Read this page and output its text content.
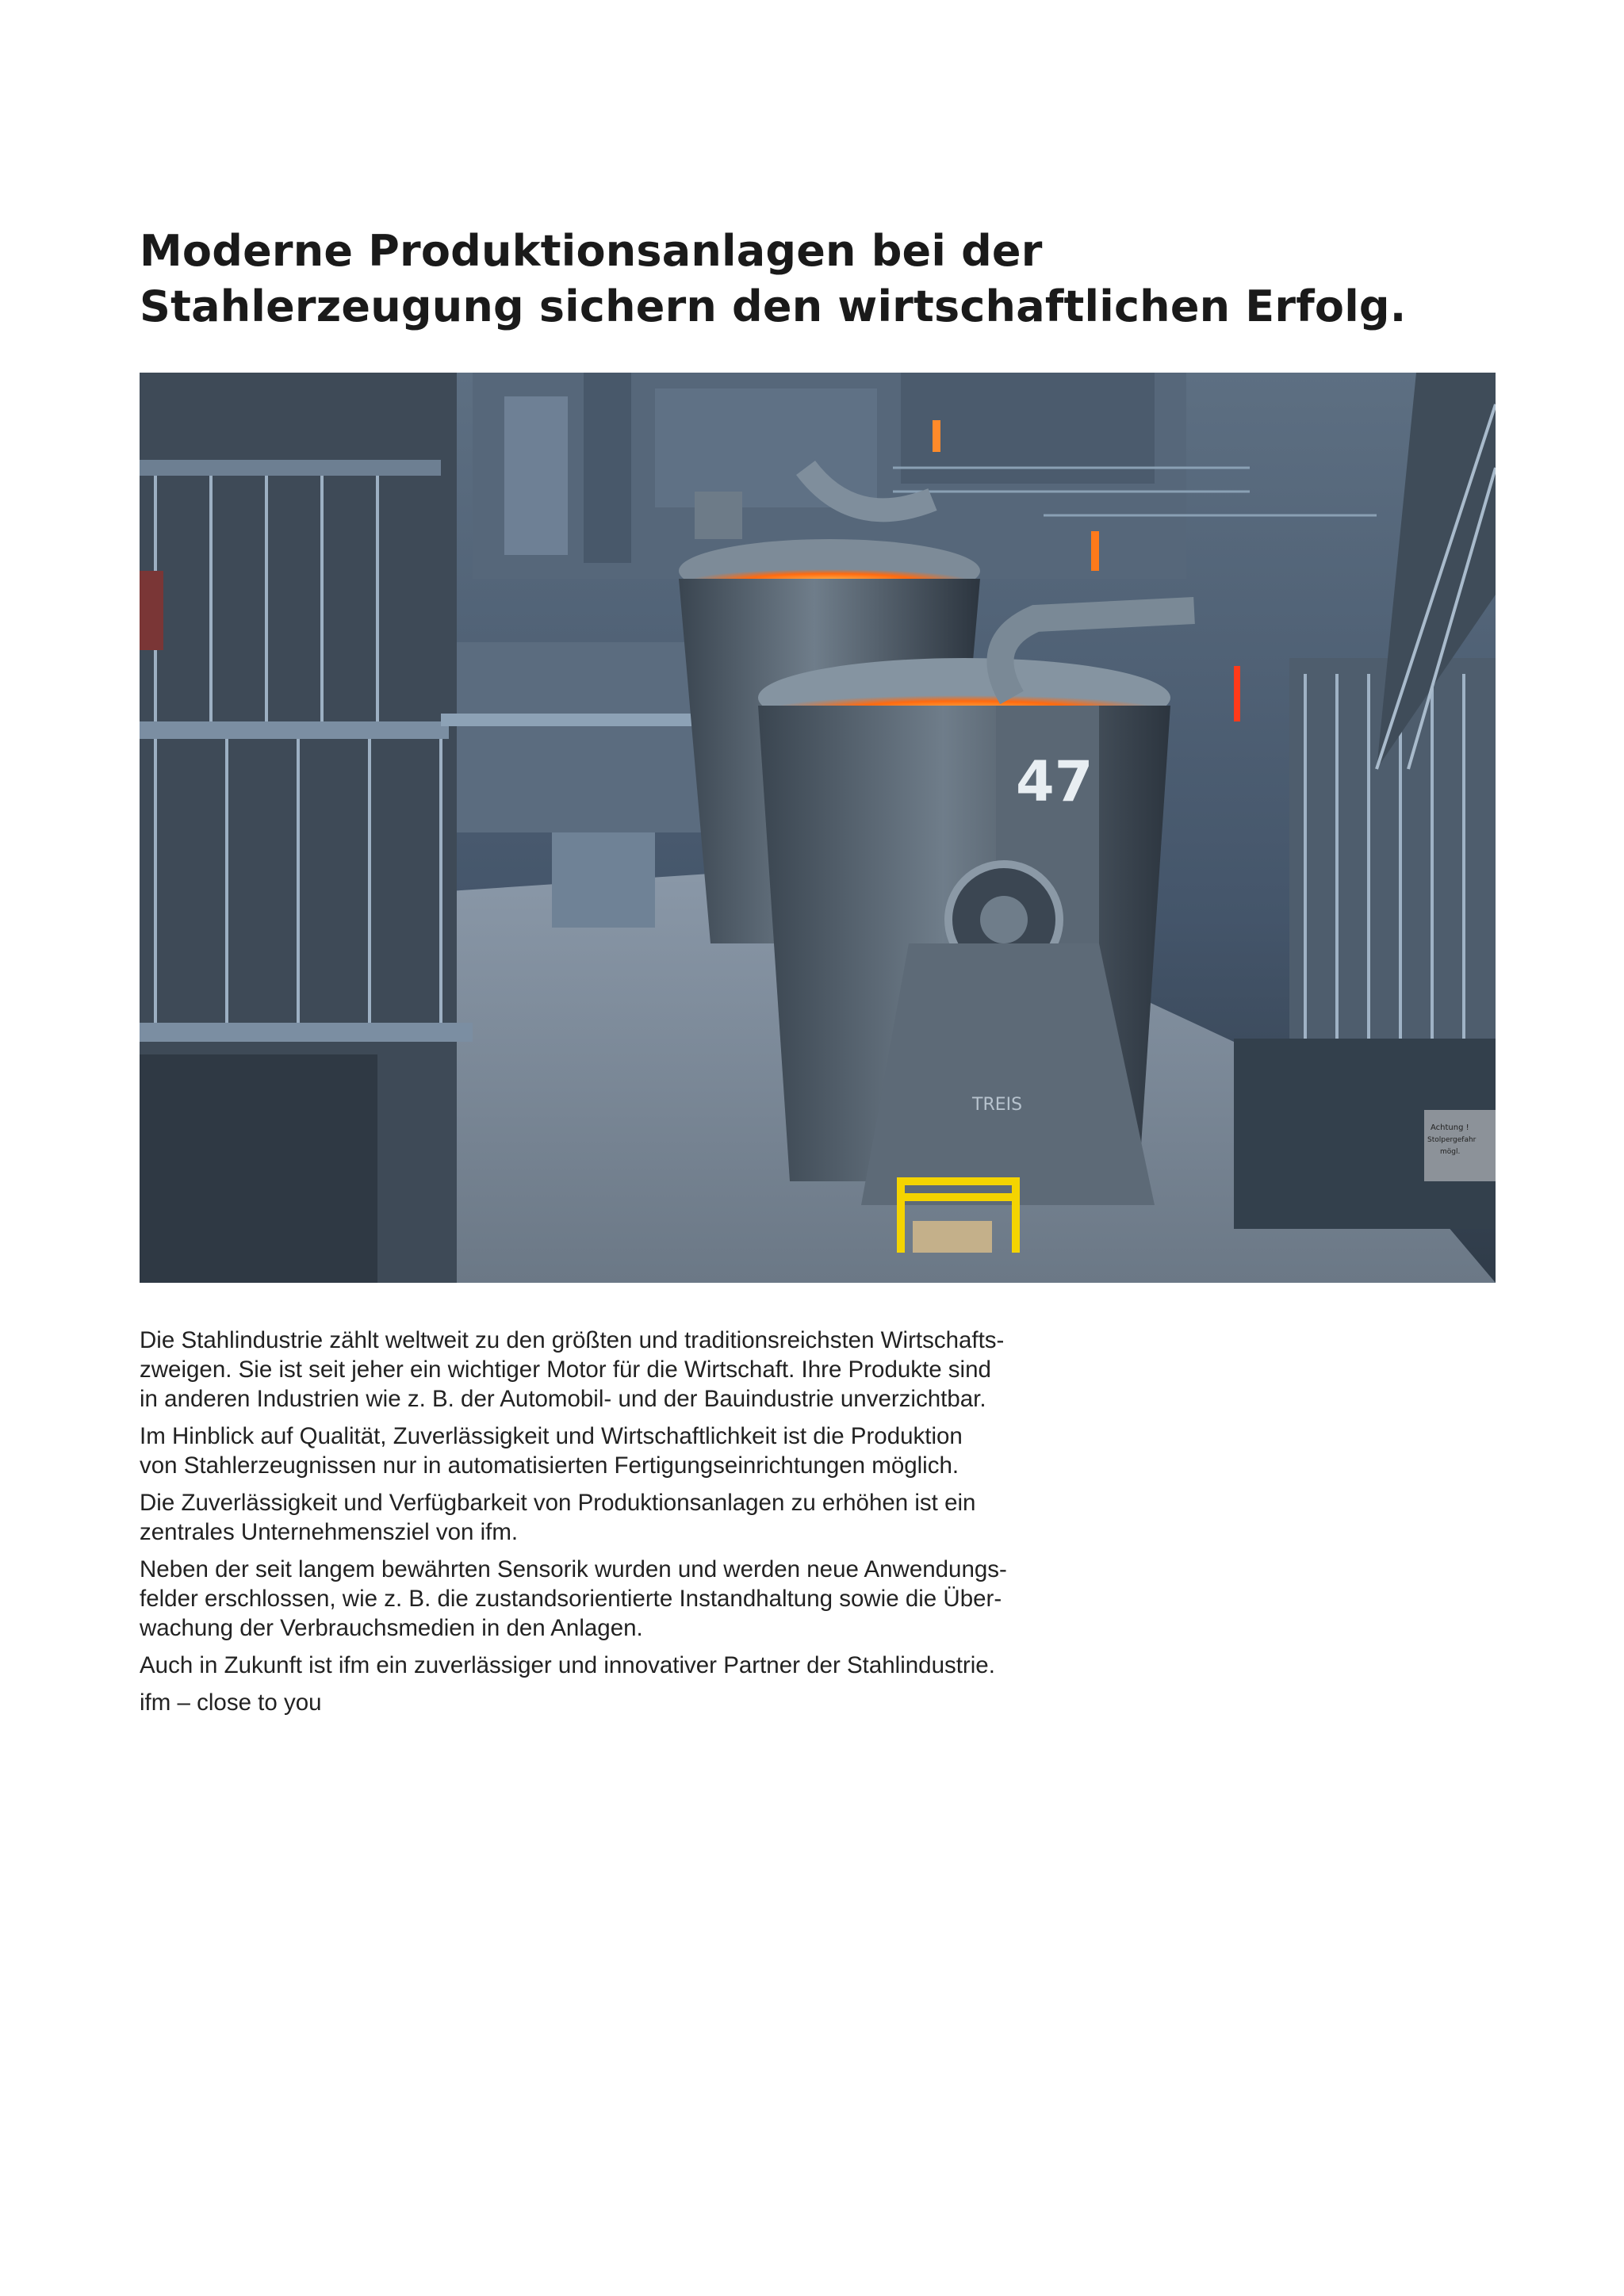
Moderne Produktionsanlagen bei der
Stahlerzeugung sichern den wirtschaftlichen Erfolg.
47
TREIS
Achtung !
Stolpergefahr
mögl.

Die Stahlindustrie zählt weltweit zu den größten und traditionsreichsten Wirtschafts-
zweigen. Sie ist seit jeher ein wichtiger Motor für die Wirtschaft. Ihre Produkte sind
in anderen Industrien wie z. B. der Automobil- und der Bauindustrie unverzichtbar.

Im Hinblick auf Qualität, Zuverlässigkeit und Wirtschaftlichkeit ist die Produktion
von Stahlerzeugnissen nur in automatisierten Fertigungseinrichtungen möglich.

Die Zuverlässigkeit und Verfügbarkeit von Produktionsanlagen zu erhöhen ist ein
zentrales Unternehmensziel von ifm.

Neben der seit langem bewährten Sensorik wurden und werden neue Anwendungs-
felder erschlossen, wie z. B. die zustandsorientierte Instandhaltung sowie die Über-
wachung der Verbrauchsmedien in den Anlagen.

Auch in Zukunft ist ifm ein zuverlässiger und innovativer Partner der Stahlindustrie.

ifm – close to you
